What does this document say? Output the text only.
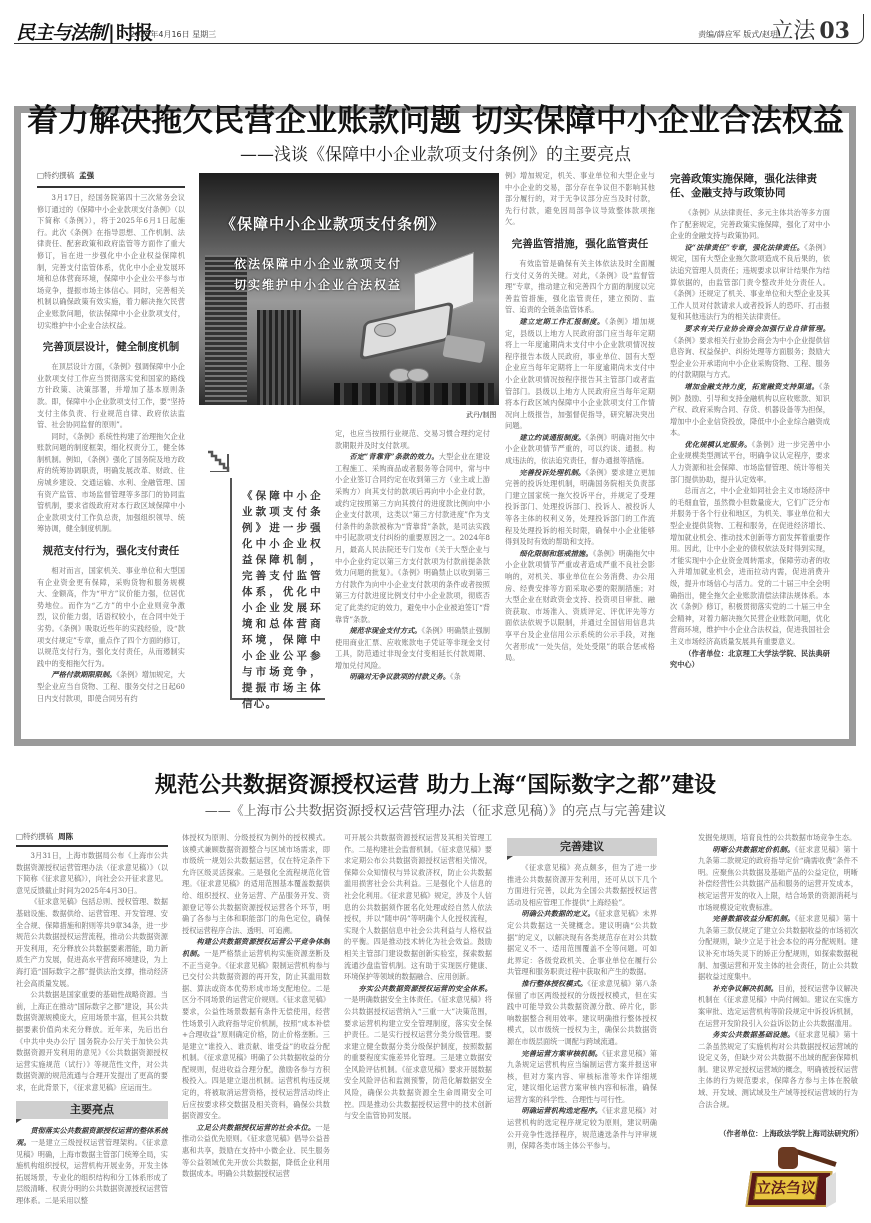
民主与法制 | 时报
2025年4月16日 星期三	责编/薛应军 版式/赵玥
立法 03
着力解决拖欠民营企业账款问题 切实保障中小企业合法权益
——浅谈《保障中小企业款项支付条例》的主要亮点
□特约撰稿 孟强

3月17日，经国务院第四十三次常务会议修订通过的《保障中小企业款项支付条例》（以下简称《条例》），将于2025年6月1日起施行。此次《条例》在指导思想、工作机制、法律责任、配套政策和政府监管等方面作了重大修订，旨在进一步强化中小企业权益保障机制，完善支付监管体系，优化中小企业发展环境和总体营商环境，保障中小企业公平参与市场竞争，提振市场主体信心。同时，完善相关机制以确保政策有效实施，着力解决拖欠民营企业账款问题，依法保障中小企业款项支付，切实维护中小企业合法权益。

完善顶层设计，健全制度机制

在顶层设计方面，《条例》强调保障中小企业款项支付工作应当贯彻落实党和国家的路线方针政策、决策部署，并增加了基本原则条款。即，保障中小企业款项支付工作，要“坚持支付主体负责、行业规范自律、政府依法监管、社会协同监督的原则”。

同时，《条例》系统性构建了治理拖欠企业账款问题的制度框架，细化权责分工，健全体制机制。例如，《条例》强化了国务院及地方政府的统筹协调职责，明确发展改革、财政、住房城乡建设、交通运输、水利、金融管理、国有资产监管、市场监督管理等多部门的协同监管机制，要求省级政府对本行政区域保障中小企业款项支付工作负总责，加强组织领导、统筹协调，健全制度机制。

规范支付行为，强化支付责任

相对而言，国家机关、事业单位和大型国有企业资金更有保障，采购货物和服务规模大、金额高，作为“甲方”议价能力强，位居优势地位。而作为“乙方”的中小企业则竞争激烈，议价能力弱，话语权较小，在合同中处于劣势。《条例》吸取近些年的实践经验，设“款项支付规定”专章，重点作了四个方面的修订，以规范支付行为，强化支付责任，从而遏制实践中的变相拖欠行为。

严格付款期限限制。《条例》增加规定，大型企业应当自货物、工程、服务交付之日起60日内支付款项，即使合同另有约

《保障中小企业款项支付条例》
依法保障中小企业款项支付
切实维护中小企业合法权益
武丹/制图
《保障中小企业款项支付条例》进一步强化中小企业权益保障机制，完善支付监管体系，优化中小企业发展环境和总体营商环境，保障中小企业公平参与市场竞争，提振市场主体信心。

定，也应当按照行业规范、交易习惯合理约定付款期限并及时支付款项。

否定“背靠背”条款的效力。大型企业在建设工程施工、采购商品或者服务等合同中，常与中小企业签订合同约定在收到第三方（业主或上游采购方）向其支付的款项后再向中小企业付款，或约定按照第三方向其拨付的进度款比例向中小企业支付款项，这类以“第三方付款进度”作为支付条件的条款被称为“背靠背”条款，是司法实践中引起款项支付纠纷的重要原因之一。2024年8月，最高人民法院还专门发布《关于大型企业与中小企业约定以第三方支付款项为付款前提条款效力问题的批复》。《条例》明确禁止以收到第三方付款作为向中小企业支付款项的条件或者按照第三方付款进度比例支付中小企业款项，彻底否定了此类约定的效力，避免中小企业被迫签订“背靠背”条款。

规范非现金支付方式。《条例》明确禁止强制使用商业汇票、应收账款电子凭证等非现金支付工具，防范通过非现金支付变相延长付款周期、增加兑付风险。

明确对无争议款项的付款义务。《条

例》增加规定，机关、事业单位和大型企业与中小企业的交易，部分存在争议但不影响其他部分履行的，对于无争议部分应当及时付款，先行付款，避免因局部争议导致整体款项拖欠。

完善监管措施，强化监管责任

有效监管是确保有关主体依法及时全面履行支付义务的关键。对此，《条例》设“监督管理”专章，推动建立和完善四个方面的制度以完善监管措施，强化监管责任，建立预防、监管、追责的全链条监管体系。

建立定期工作汇报制度。《条例》增加规定，县级以上地方人民政府部门应当每年定期将上一年度逾期尚未支付中小企业款项情况按程序报告本级人民政府，事业单位、国有大型企业应当每年定期将上一年度逾期尚未支付中小企业款项情况按程序报告其主管部门或者监管部门。县级以上地方人民政府应当每年定期将本行政区域内保障中小企业款项支付工作情况向上级报告，加强督促指导，研究解决突出问题。

建立约谈通报制度。《条例》明确对拖欠中小企业款项情节严重的，可以约谈、通报。构成违法的，依法追究责任，督办通报等措施。

完善投诉处理机制。《条例》要求建立更加完善的投诉处理机制，明确国务院相关负责部门建立国家统一拖欠投诉平台，并规定了受理投诉部门、处理投诉部门、投诉人、被投诉人等各主体的权利义务，处理投诉部门的工作流程及处理投诉的相关时限，确保中小企业能够得到及时有效的帮助和支持。

细化限制和惩戒措施。《条例》明确拖欠中小企业款项情节严重或者造成严重不良社会影响的，对机关、事业单位在公务消费、办公用房、经费安排等方面采取必要的限制措施；对大型企业在财政资金支持、投资项目审批、融资获取、市场准入、资质评定、评优评先等方面依法依规予以限制，并通过全国信用信息共享平台及企业信用公示系统的公示手段，对拖欠者形成“一处失信，处处受限”的联合惩戒格局。

完善政策实施保障，强化法律责任、金融支持与政策协同

《条例》从法律责任、多元主体共治等多方面作了配套规定，完善政策实施保障，强化了对中小企业的金融支持与政策协同。

设“法律责任”专章，强化法律责任。《条例》规定，国有大型企业拖欠款项造成不良后果的，依法追究管理人员责任；违规要求以审计结果作为结算依据的，由监管部门责令整改并处分责任人。《条例》还规定了机关、事业单位和大型企业及其工作人员对付款请求人或者投诉人的恐吓、打击报复和其他违法行为的相关法律责任。

要求有关行业协会商会加强行业自律管理。《条例》要求相关行业协会商会为中小企业提供信息咨询、权益保护、纠纷处理等方面服务；鼓励大型企业公开承诺向中小企业采购货物、工程、服务的付款期限与方式。

增加金融支持力度，拓宽融资支持渠道。《条例》鼓励、引导和支持金融机构以应收账款、知识产权、政府采购合同、存货、机器设备等为担保，增加中小企业信贷投放，降低中小企业综合融资成本。

优化规模认定服务。《条例》进一步完善中小企业规模类型测试平台，明确争议认定程序，要求人力资源和社会保障、市场监督管理、统计等相关部门提供协助，提升认定效率。

总而言之，中小企业如同社会主义市场经济中的毛细血管，虽然微小但数量庞大，它们广泛分布并服务于各个行业和地区，为机关、事业单位和大型企业提供货物、工程和服务，在促进经济增长、增加就业机会、推动技术创新等方面发挥着重要作用。因此，让中小企业的债权依法及时得到实现，才能实现中小企业资金周转需求，保障劳动者的收入并增加就业机会，进而拉动内需，促进消费升级，提升市场信心与活力。党的二十届三中全会明确指出，健全拖欠企业账款清偿法律法规体系。本次《条例》修订，积极贯彻落实党的二十届三中全会精神，对着力解决拖欠民营企业账款问题，优化营商环境，维护中小企业合法权益，促进我国社会主义市场经济高质量发展具有重要意义。

（作者单位：北京理工大学法学院、民法典研究中心）

规范公共数据资源授权运营 助力上海“国际数字之都”建设
——《上海市公共数据资源授权运营管理办法（征求意见稿）》的亮点与完善建议
□特约撰稿 周陈

3月31日，上海市数据局公布《上海市公共数据资源授权运营管理办法（征求意见稿）》（以下简称《征求意见稿》），向社会公开征求意见。意见反馈截止时间为2025年4月30日。

《征求意见稿》包括总则、授权管理、数据基础设施、数据供给、运营管理、开发管理、安全合规、保障措施和附则等共9章34条，进一步规范公共数据授权运营流程，推动公共数据资源开发利用，充分释放公共数据要素潜能，助力新质生产力发展，促进高水平营商环境建设，为上海打造“国际数字之都”提供法治支撑，推动经济社会高质量发展。

公共数据是国家重要的基础性战略资源。当前，上海正在推动“国际数字之都”建设，其公共数据资源规模庞大，应用场景丰富，但其公共数据要素价值尚未充分释放。近年来，先后出台《中共中央办公厅 国务院办公厅关于加快公共数据资源开发利用的意见》《公共数据资源授权运营实施规范（试行）》等规范性文件，对公共数据资源的规范流通与合理开发提出了更高的要求，在此背景下，《征求意见稿》应运而生。

主要亮点

贯彻落实公共数据资源授权运营的整体系统观。一是建立三级授权运营管理架构。《征求意见稿》明确，上海市数据主管部门统筹全局，实施机构组织授权，运营机构开展业务，开发主体拓展场景，专业化的组织结构和分工体系形成了层级清晰、权责分明的公共数据资源授权运营管理体系。二是采用以整

体授权为原则、分级授权为例外的授权模式。该模式兼顾数据资源整合与区域市场需求，即市级统一规划公共数据运营，仅在特定条件下允许区级灵活探索。三是强化全流程规范化管理。《征求意见稿》的适用范围基本覆盖数据供给、组织授权、业务运营、产品服务开发、资源登记等公共数据资源授权运营各个环节，明确了各参与主体和职能部门的角色定位，确保授权运营程序合法、透明、可追溯。

构建公共数据资源授权运营公平竞争体制机制。一是严格禁止运营机构实施资源垄断及不正当竞争。《征求意见稿》限制运营机构参与已交付公共数据资源的再开发，防止其滥用数据、算法或资本优势形成市场支配地位。二是区分不同场景的运营定价规则。《征求意见稿》要求，公益性场景数据有条件无偿使用，经营性场景引入政府指导定价机制，按照“成本补偿+合理收益”原则确定价格，防止价格垄断。三是建立“谁投入、谁贡献、谁受益”的收益分配机制。《征求意见稿》明确了公共数据收益的分配规则，促进收益合理分配，激励各参与方积极投入。四是建立退出机制。运营机构违反规定的，将被取消运营资格，授权运营活动终止后应按要求移交数据及相关资料，确保公共数据资源安全。

立足公共数据授权运营的社会本位。一是推动公益优先原则。《征求意见稿》倡导公益普惠和共享，鼓励在支持中小微企业、民生服务等公益领域优先开放公共数据，降低企业利用数据成本。明确公共数据授权运营

可开展公共数据资源授权运营及其相关管理工作。二是构建社会监督机制。《征求意见稿》要求定期公布公共数据资源授权运营相关情况，保障公众知情权与异议救济权，防止公共数据滥用损害社会公共利益。三是强化个人信息的社会化利用。《征求意见稿》规定，涉及个人信息的公共数据须作匿名化处理或经自然人依法授权，并以“随申码”等明确个人化授权流程，实现个人数据信息中社会公共利益与人格权益的平衡。四是推动技术转化为社会效益。鼓励相关主管部门建设数据创新实验室，探索数据流通沙盘监管机制。这有助于实现医疗健康、环境保护等领域的数据融合、应用创新。

夯实公共数据资源授权运营的安全体系。一是明确数据安全主体责任。《征求意见稿》将公共数据授权运营纳入“三重一大”决策范围，要求运营机构建立安全管理制度，落实安全保护责任。二是实行授权运营分类分级管理。要求建立健全数据分类分级保护制度，按照数据的重要程度实施差异化管理。三是建立数据安全风险评估机制。《征求意见稿》要求开展数据安全风险评估和监测预警，防范化解数据安全风险，确保公共数据资源全生命周期安全可控。四是推动公共数据授权运营中的技术创新与安全监管协同发展。

完善建议

《征求意见稿》亮点颇多，但为了进一步推进公共数据资源开发利用，还可从以下几个方面进行完善，以此为全国公共数据授权运营活动及相应管理工作提供“上海经验”。

明确公共数据的定义。《征求意见稿》未界定公共数据这一关键概念。建议明确“公共数据”的定义，以解决现有各类规范存在对公共数据定义不一、适用范围覆盖不全等问题。可如此界定：各级党政机关、企事业单位在履行公共管理和服务职责过程中获取和产生的数据。

推行整体授权模式。《征求意见稿》第八条保留了市区两级授权的分级授权模式，但在实践中可能导致公共数据资源分散、碎片化，影响数据整合利用效率。建议明确推行整体授权模式，以市级统一授权为主，确保公共数据资源在市级层面统一调配与跨域流通。

完善运营方案审核机制。《征求意见稿》第九条规定运营机构应当编制运营方案并报送审核，但对方案内容、审核标准等未作详细规定，建议细化运营方案审核内容和标准，确保运营方案的科学性、合理性与可行性。

明确运营机构选定程序。《征求意见稿》对运营机构的选定程序规定较为原则，建议明确公开竞争性选择程序，规范遴选条件与评审规则，保障各类市场主体公平参与。

发掘免规则，培育良性的公共数据市场竞争生态。

明晰公共数据定价机制。《征求意见稿》第十九条第二款规定的政府指导定价“确需收费”条件不明。应聚焦公共数据及基础产品的公益定位，明晰补偿经营性公共数据产品和服务的运营开发成本，核定运营开发的收入上限，结合场景的资源消耗与市场规模设定收费标准。

完善数据收益分配机制。《征求意见稿》第十九条第三款仅规定了建立公共数据收益的市场初次分配规则，缺少立足于社会本位的再分配规则。建议补充市场失灵下的矫正分配规则，如探索数据税制、加强运营和开发主体的社会责任，防止公共数据收益过度集中。

补充争议解决机制。目前，授权运营争议解决机制在《征求意见稿》中尚付阙如。建议在实施方案审批、选定运营机构等阶段规定中诉投诉机制，在运营开发阶段引入公益诉讼防止公共数据滥用。

务实公共数据基础设施。《征求意见稿》第十二条虽然规定了实施机构对公共数据授权运营域的设定义务，但缺少对公共数据不出域的配套保障机制。建议界定授权运营域的概念，明确被授权运营主体的行为规范要求，保障各方参与主体在脱敏域、开发域、测试域及生产域等授权运营域的行为合法合规。

（作者单位：上海政法学院上海司法研究所）
立法刍议
